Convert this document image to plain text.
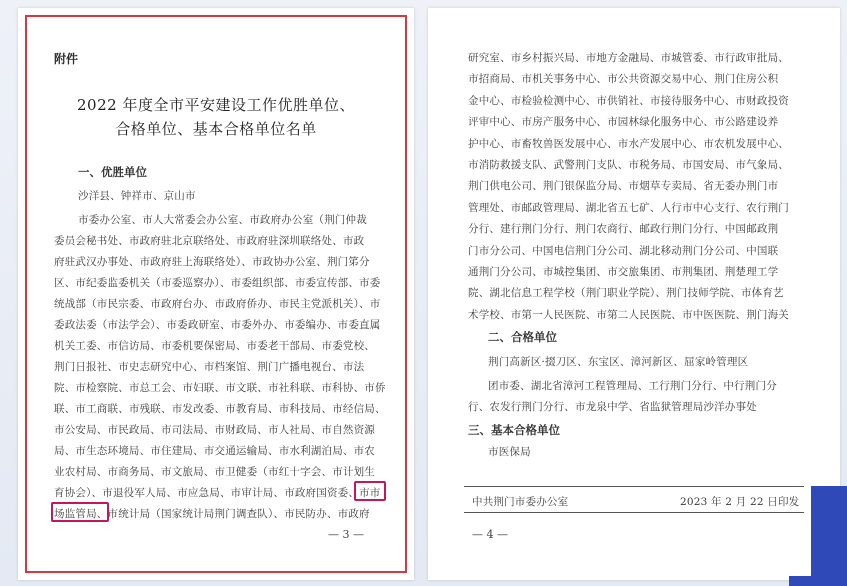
附件
2022 年度全市平安建设工作优胜单位、
合格单位、基本合格单位名单
一、优胜单位
沙洋县、钟祥市、京山市
市委办公室、市人大常委会办公室、市政府办公室（荆门仲裁
委员会秘书处、市政府驻北京联络处、市政府驻深圳联络处、市政
府驻武汉办事处、市政府驻上海联络处）、市政协办公室、荆门笫分
区、市纪委监委机关（市委巡察办）、市委组织部、市委宣传部、市委
统战部（市民宗委、市政府台办、市政府侨办、市民主党派机关）、市
委政法委（市法学会）、市委政研室、市委外办、市委编办、市委直属
机关工委、市信访局、市委机要保密局、市委老干部局、市委党校、
荆门日报社、市史志研究中心、市档案馆、荆门广播电视台、市法
院、市检察院、市总工会、市妇联、市文联、市社科联、市科协、市侨
联、市工商联、市残联、市发改委、市教育局、市科技局、市经信局、
市公安局、市民政局、市司法局、市财政局、市人社局、市自然资源
局、市生态环境局、市住建局、市交通运输局、市水利湖泊局、市农
业农村局、市商务局、市文旅局、市卫健委（市红十字会、市计划生
育协会）、市退役军人局、市应急局、市审计局、市政府国资委、市市
场监管局、市统计局（国家统计局荆门调查队）、市民防办、市政府
— 3 —
研究室、市乡村振兴局、市地方金融局、市城管委、市行政审批局、
市招商局、市机关事务中心、市公共资源交易中心、荆门住房公积
金中心、市检验检测中心、市供销社、市接待服务中心、市财政投资
评审中心、市房产服务中心、市园林绿化服务中心、市公路建设养
护中心、市畜牧兽医发展中心、市水产发展中心、市农机发展中心、
市消防救援支队、武警荆门支队、市税务局、市国安局、市气象局、
荆门供电公司、荆门银保监分局、市烟草专卖局、省无委办荆门市
管理处、市邮政管理局、湖北省五七矿、人行市中心支行、农行荆门
分行、建行荆门分行、荆门农商行、邮政行荆门分行、中国邮政荆
门市分公司、中国电信荆门分公司、湖北移动荆门分公司、中国联
通荆门分公司、市城控集团、市交旅集团、市荆集团、荆楚理工学
院、湖北信息工程学校（荆门职业学院）、荆门技师学院、市体育艺
术学校、市第一人民医院、市第二人民医院、市中医医院、荆门海关
二、合格单位
荆门高新区·掇刀区、东宝区、漳河新区、屈家岭管理区
团市委、湖北省漳河工程管理局、工行荆门分行、中行荆门分
行、农发行荆门分行、市龙泉中学、省监狱管理局沙洋办事处
三、基本合格单位
市医保局
中共荆门市委办公室	2023 年 2 月 22 日印发
— 4 —
